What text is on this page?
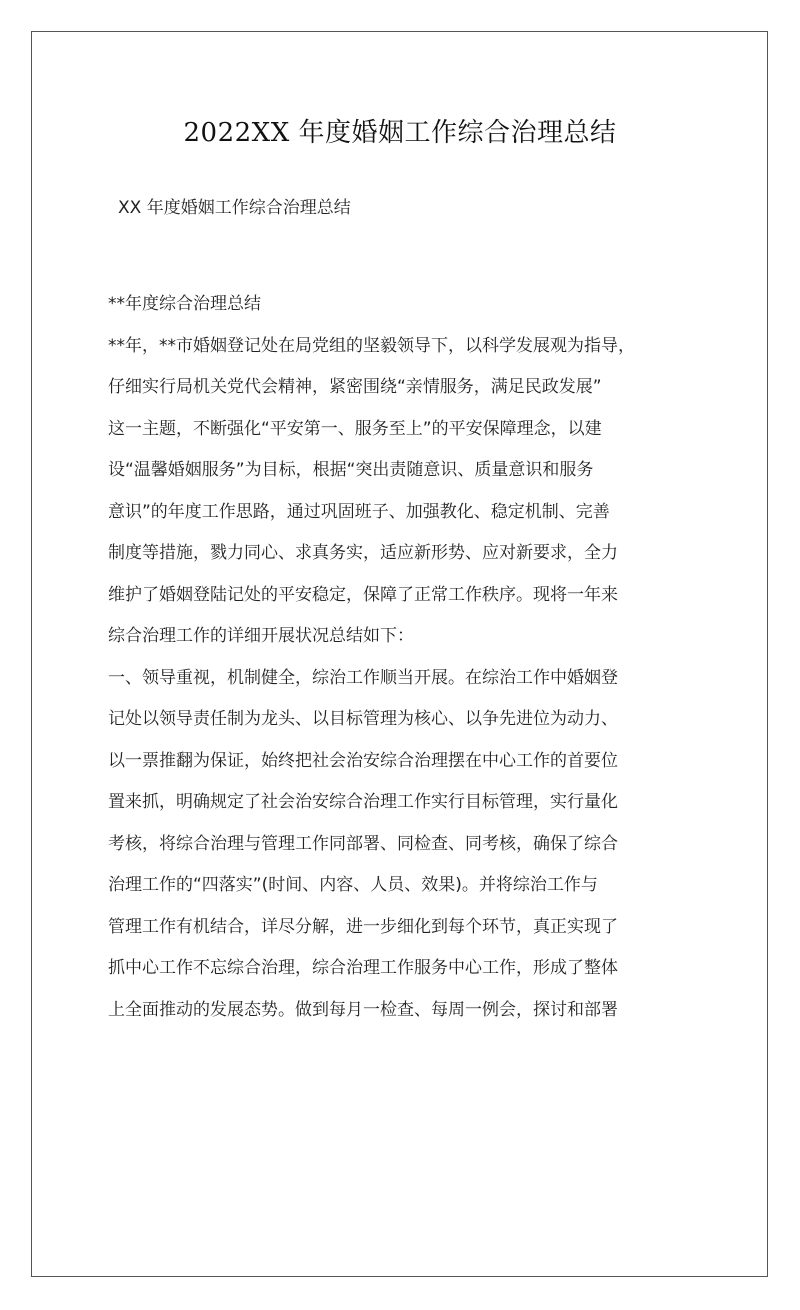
2022XX 年度婚姻工作综合治理总结
XX 年度婚姻工作综合治理总结
**年度综合治理总结
**年，**市婚姻登记处在局党组的坚毅领导下，以科学发展观为指导，
仔细实行局机关党代会精神，紧密围绕“亲情服务，满足民政发展”
这一主题，不断强化“平安第一、服务至上”的平安保障理念，以建
设“温馨婚姻服务”为目标，根据“突出责随意识、质量意识和服务
意识”的年度工作思路，通过巩固班子、加强教化、稳定机制、完善
制度等措施，戮力同心、求真务实，适应新形势、应对新要求，全力
维护了婚姻登陆记处的平安稳定，保障了正常工作秩序。现将一年来
综合治理工作的详细开展状况总结如下：
一、领导重视，机制健全，综治工作顺当开展。在综治工作中婚姻登
记处以领导责任制为龙头、以目标管理为核心、以争先进位为动力、
以一票推翻为保证，始终把社会治安综合治理摆在中心工作的首要位
置来抓，明确规定了社会治安综合治理工作实行目标管理，实行量化
考核，将综合治理与管理工作同部署、同检查、同考核，确保了综合
治理工作的“四落实”(时间、内容、人员、效果)。并将综治工作与
管理工作有机结合，详尽分解，进一步细化到每个环节，真正实现了
抓中心工作不忘综合治理，综合治理工作服务中心工作，形成了整体
上全面推动的发展态势。做到每月一检查、每周一例会，探讨和部署
